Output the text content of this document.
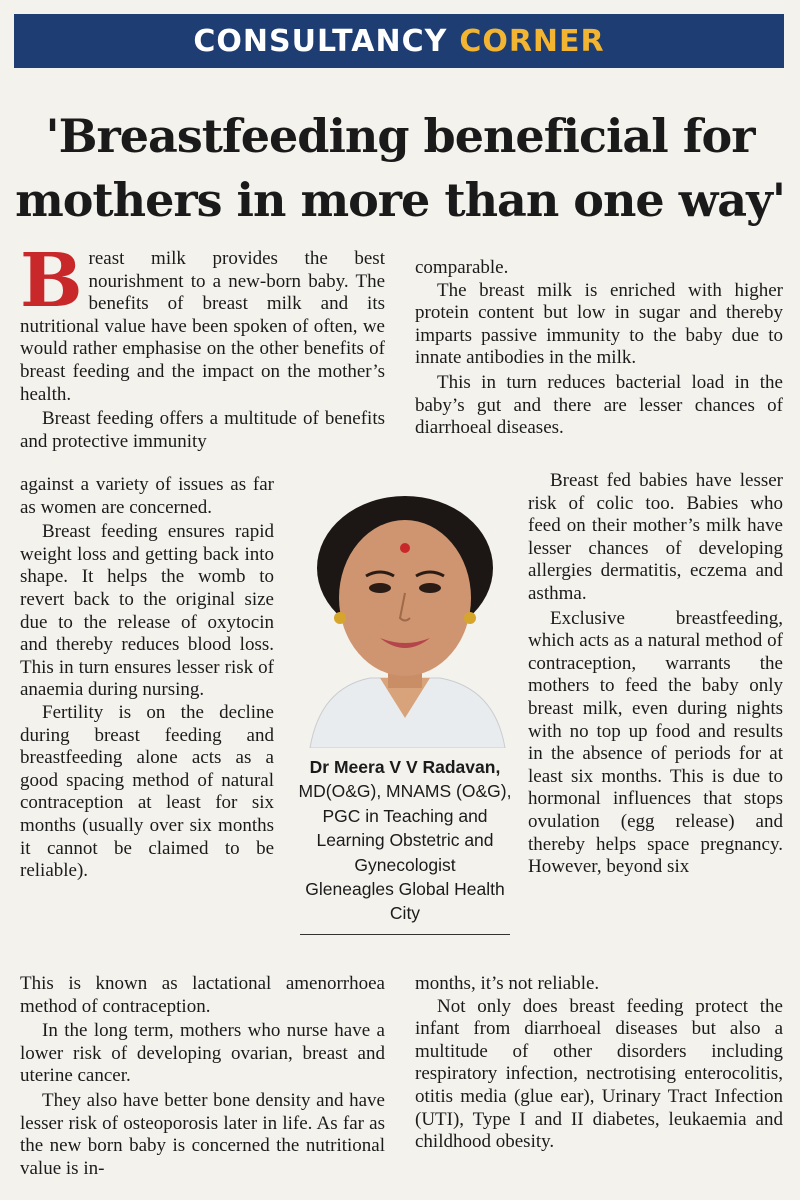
CONSULTANCY CORNER
'Breastfeeding beneficial for
mothers in more than one way'

Breast milk provides the best nourishment to a new-born baby. The benefits of breast milk and its nutritional value have been spoken of often, we would rather emphasise on the other benefits of breast feeding and the impact on the mother’s health.

Breast feeding offers a multitude of benefits and protective immunity

against a variety of issues as far as women are concerned.

Breast feeding ensures rapid weight loss and getting back into shape. It helps the womb to revert back to the original size due to the release of oxytocin and thereby reduces blood loss. This in turn ensures lesser risk of anaemia during nursing.

Fertility is on the decline during breast feeding and breastfeeding alone acts as a good spacing method of natural contraception at least for six months (usually over six months it cannot be claimed to be reliable).

This is known as lactational amenorrhoea method of contraception.

In the long term, mothers who nurse have a lower risk of developing ovarian, breast and uterine cancer.

They also have better bone density and have lesser risk of osteoporosis later in life. As far as the new born baby is concerned the nutritional value is in-

comparable.

The breast milk is enriched with higher protein content but low in sugar and thereby imparts passive immunity to the baby due to innate antibodies in the milk.

This in turn reduces bacterial load in the baby’s gut and there are lesser chances of diarrhoeal diseases.

Breast fed babies have lesser risk of colic too. Babies who feed on their mother’s milk have lesser chances of developing allergies dermatitis, eczema and asthma.

Exclusive breastfeeding, which acts as a natural method of contraception, warrants the mothers to feed the baby only breast milk, even during nights with no top up food and results in the absence of periods for at least six months. This is due to hormonal influences that stops ovulation (egg release) and thereby helps space pregnancy. However, beyond six

months, it’s not reliable.

Not only does breast feeding protect the infant from diarrhoeal diseases but also a multitude of other disorders including respiratory infection, nectrotising enterocolitis, otitis media (glue ear), Urinary Tract Infection (UTI), Type I and II diabetes, leukaemia and childhood obesity.

Dr Meera V V Radavan,
MD(O&G), MNAMS (O&G), PGC in Teaching and Learning Obstetric and Gynecologist
Gleneagles Global Health City
